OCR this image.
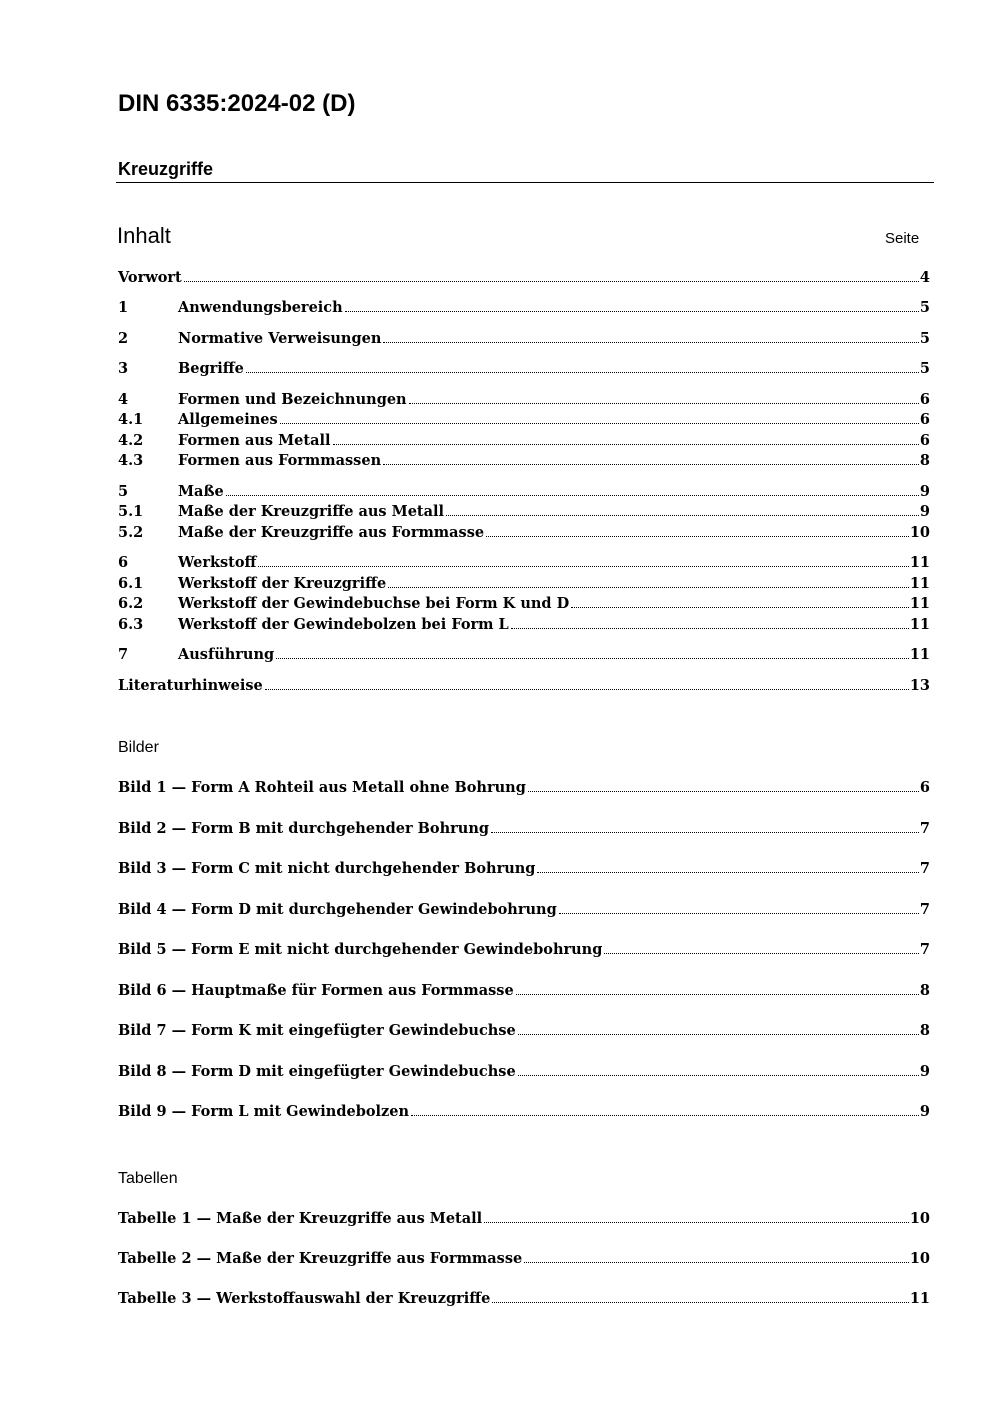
DIN 6335:2024-02 (D)
Kreuzgriffe
Inhalt	Seite
Vorwort	4
1	Anwendungsbereich	5
2	Normative Verweisungen	5
3	Begriffe	5
4	Formen und Bezeichnungen	6
4.1	Allgemeines	6
4.2	Formen aus Metall	6
4.3	Formen aus Formmassen	8
5	Maße	9
5.1	Maße der Kreuzgriffe aus Metall	9
5.2	Maße der Kreuzgriffe aus Formmasse	10
6	Werkstoff	11
6.1	Werkstoff der Kreuzgriffe	11
6.2	Werkstoff der Gewindebuchse bei Form K und D	11
6.3	Werkstoff der Gewindebolzen bei Form L	11
7	Ausführung	11
Literaturhinweise	13
Bilder
Bild 1 — Form A Rohteil aus Metall ohne Bohrung	6
Bild 2 — Form B mit durchgehender Bohrung	7
Bild 3 — Form C mit nicht durchgehender Bohrung	7
Bild 4 — Form D mit durchgehender Gewindebohrung	7
Bild 5 — Form E mit nicht durchgehender Gewindebohrung	7
Bild 6 — Hauptmaße für Formen aus Formmasse	8
Bild 7 — Form K mit eingefügter Gewindebuchse	8
Bild 8 — Form D mit eingefügter Gewindebuchse	9
Bild 9 — Form L mit Gewindebolzen	9
Tabellen
Tabelle 1 — Maße der Kreuzgriffe aus Metall	10
Tabelle 2 — Maße der Kreuzgriffe aus Formmasse	10
Tabelle 3 — Werkstoffauswahl der Kreuzgriffe	11
